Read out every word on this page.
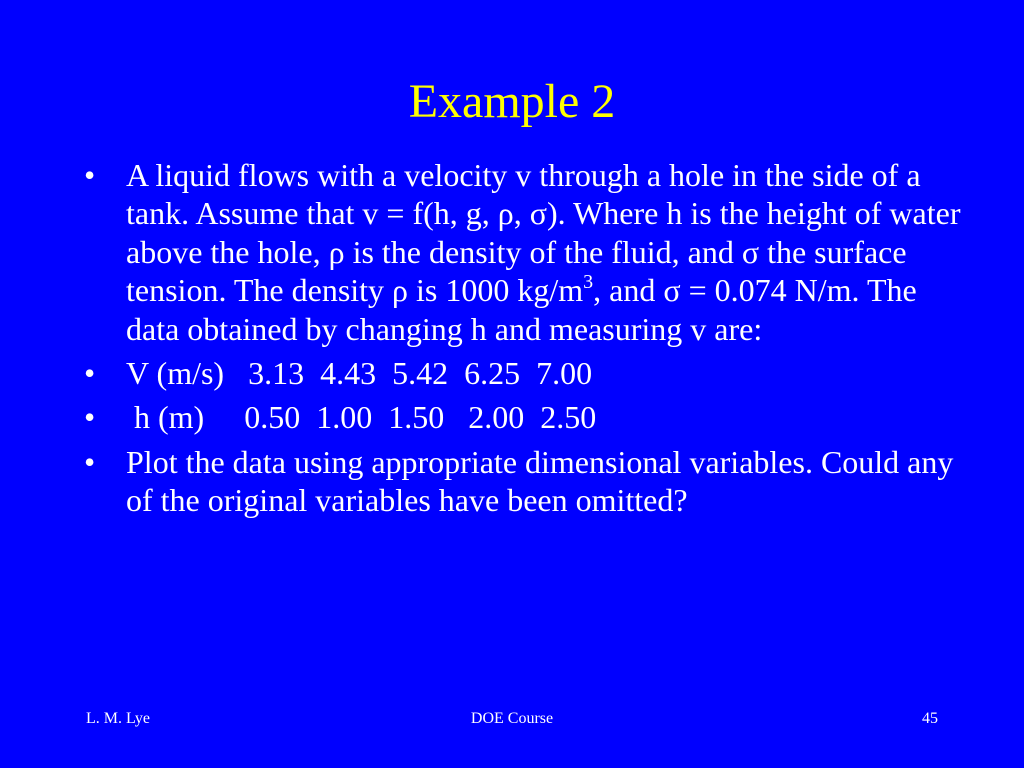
Example 2
• A liquid flows with a velocity v through a hole in the side of a tank. Assume that v = f(h, g, ρ, σ). Where h is the height of water above the hole, ρ is the density of the fluid, and σ the surface tension. The density ρ is 1000 $kg/m^3$, and σ = 0.074 N/m. The data obtained by changing h and measuring v are:
• V (m/s)   3.13  4.43  5.42  6.25  7.00
• h (m)     0.50  1.00  1.50   2.00  2.50
• Plot the data using appropriate dimensional variables. Could any of the original variables have been omitted?
L. M. Lye	DOE Course	45
